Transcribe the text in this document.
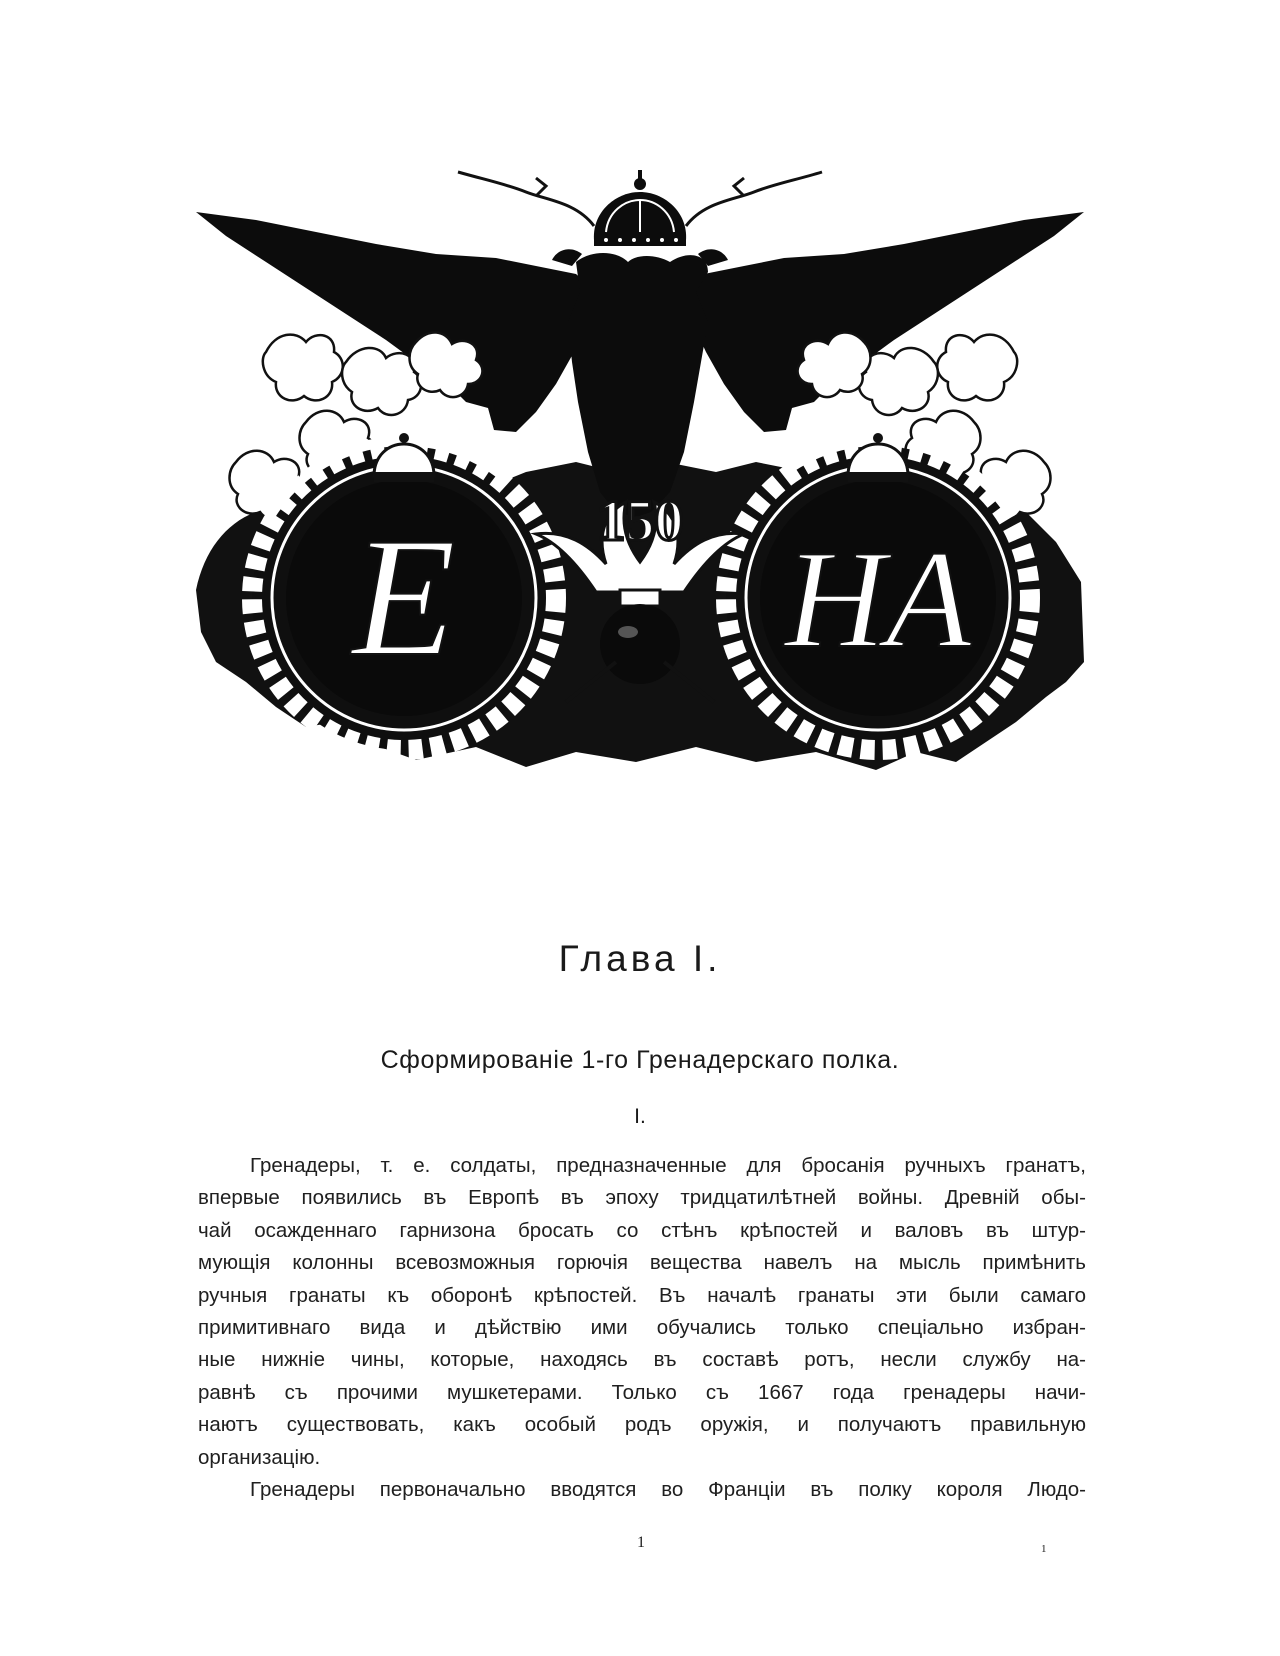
Е НА
150
Глава I.
Сформированіе 1-го Гренадерскаго полка.
I.

Гренадеры, т. е. солдаты, предназначенные для бросанія ручныхъ гранатъ,

впервые появились въ Европѣ въ эпоху тридцатилѣтней войны. Древній обы-

чай осажденнаго гарнизона бросать со стѣнъ крѣпостей и валовъ въ штур-

мующія колонны всевозможныя горючія вещества навелъ на мысль примѣнить

ручныя гранаты къ оборонѣ крѣпостей. Въ началѣ гранаты эти были самаго

примитивнаго вида и дѣйствію ими обучались только спеціально избран-

ные нижніе чины, которые, находясь въ составѣ ротъ, несли службу на-

равнѣ съ прочими мушкетерами. Только съ 1667 года гренадеры начи-

наютъ существовать, какъ особый родъ оружія, и получаютъ правильную

организацію.

Гренадеры первоначально вводятся во Франціи въ полку короля Людо-

1	1
